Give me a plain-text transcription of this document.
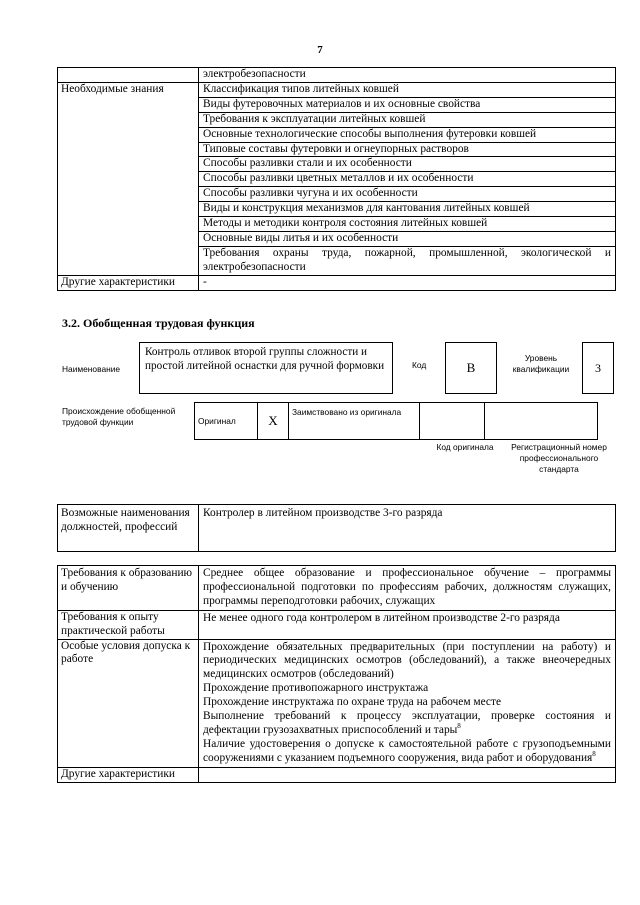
7
	электробезопасности
Необходимые знания	Классификация типов литейных ковшей
	Виды футеровочных материалов и их основные свойства
	Требования к эксплуатации литейных ковшей
	Основные технологические способы выполнения футеровки ковшей
	Типовые составы футеровки и огнеупорных растворов
	Способы разливки стали и их особенности
	Способы разливки цветных металлов и их особенности
	Способы разливки чугуна и их особенности
	Виды и конструкция механизмов для кантования литейных ковшей
	Методы и методики контроля состояния литейных ковшей
	Основные виды литья и их особенности
	Требования охраны труда, пожарной, промышленной, экологической и электробезопасности
Другие характеристики	-
3.2. Обобщенная трудовая функция
Наименование
Контроль отливок второй группы сложности и простой литейной оснастки для ручной формовки	Код	B
Уровень квалификации	3
Происхождение обобщенной трудовой функции	Оригинал	X	Заимствовано из оригинала		
Код оригинала	Регистрационный номер профессионального стандарта
Возможные наименования должностей, профессий	Контролер в литейном производстве 3-го разряда
Требования к образованию и обучению	Среднее общее образование и профессиональное обучение – программы профессиональной подготовки по профессиям рабочих, должностям служащих, программы переподготовки рабочих, служащих
Требования к опыту практической работы	Не менее одного года контролером в литейном производстве 2-го разряда
Особые условия допуска к работе	Прохождение обязательных предварительных (при поступлении на работу) и периодических медицинских осмотров (обследований), а также внеочередных медицинских осмотров (обследований)
Прохождение противопожарного инструктажа
Прохождение инструктажа по охране труда на рабочем месте
Выполнение требований к процессу эксплуатации, проверке состояния и дефектации грузозахватных приспособлений и тары$^8$
Наличие удостоверения о допуске к самостоятельной работе с грузоподъемными сооружениями с указанием подъемного сооружения, вида работ и оборудования$^8$

Другие характеристики	
